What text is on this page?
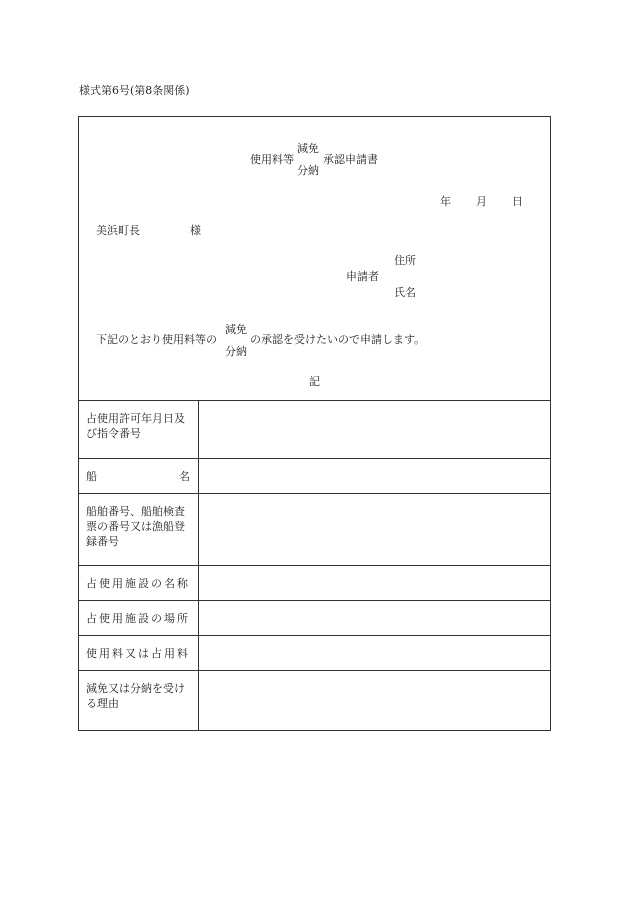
様式第6号(第8条関係)
減免
使用料等	承認申請書
分納
年 月 日
美浜町長	様
住所
申請者
氏名
減免
下記のとおり使用料等の	の承認を受けたいので申請します。
分納
記
占使用許可年月日及び指令番号
船	名
船舶番号、船舶検査票の番号又は漁船登録番号
占使用施設の名称
占使用施設の場所
使用料又は占用料
減免又は分納を受ける理由
